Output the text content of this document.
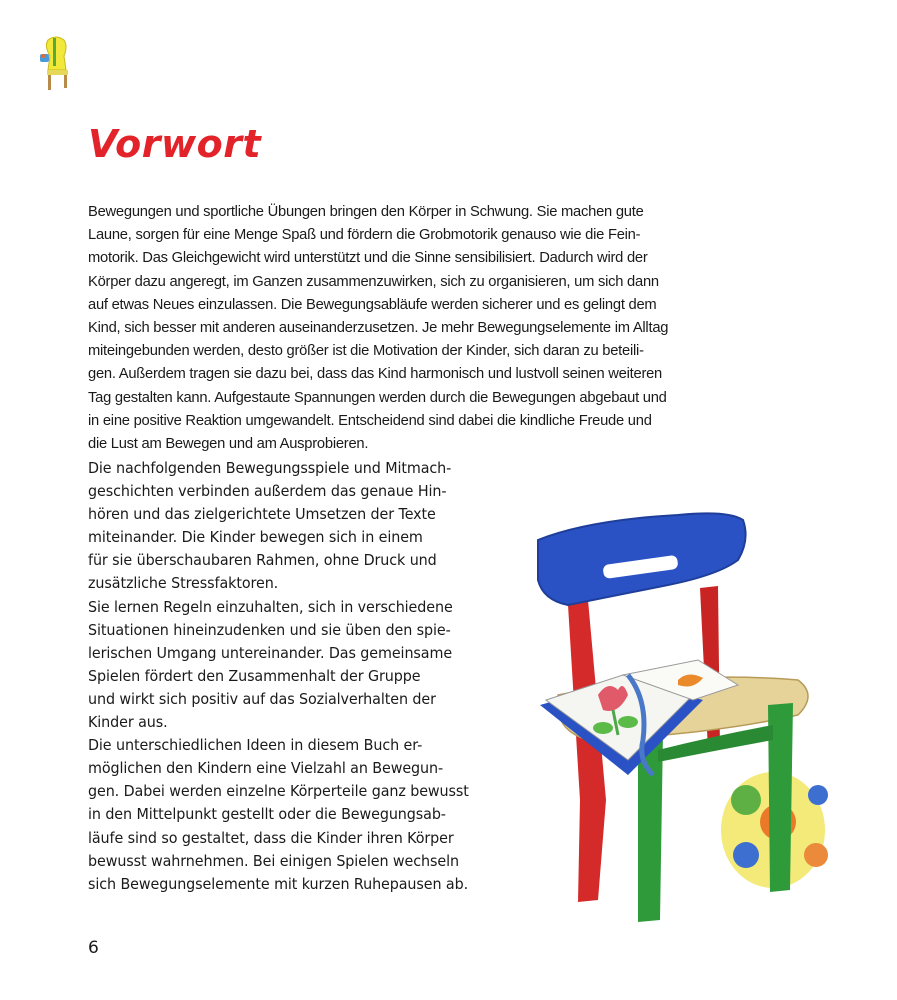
Vorwort
Bewegungen und sportliche Übungen bringen den Körper in Schwung. Sie machen gute
Laune, sorgen für eine Menge Spaß und fördern die Grobmotorik genauso wie die Fein-
motorik. Das Gleichgewicht wird unterstützt und die Sinne sensibilisiert. Dadurch wird der
Körper dazu angeregt, im Ganzen zusammenzuwirken, sich zu organisieren, um sich dann
auf etwas Neues einzulassen. Die Bewegungsabläufe werden sicherer und es gelingt dem
Kind, sich besser mit anderen auseinanderzusetzen. Je mehr Bewegungselemente im Alltag
miteingebunden werden, desto größer ist die Motivation der Kinder, sich daran zu beteili-
gen. Außerdem tragen sie dazu bei, dass das Kind harmonisch und lustvoll seinen weiteren
Tag gestalten kann. Aufgestaute Spannungen werden durch die Bewegungen abgebaut und
in eine positive Reaktion umgewandelt. Entscheidend sind dabei die kindliche Freude und
die Lust am Bewegen und am Ausprobieren.
Die nachfolgenden Bewegungsspiele und Mitmach-
geschichten verbinden außerdem das genaue Hin-
hören und das zielgerichtete Umsetzen der Texte
miteinander. Die Kinder bewegen sich in einem
für sie überschaubaren Rahmen, ohne Druck und
zusätzliche Stressfaktoren.
Sie lernen Regeln einzuhalten, sich in verschiedene
Situationen hineinzudenken und sie üben den spie-
lerischen Umgang untereinander. Das gemeinsame
Spielen fördert den Zusammenhalt der Gruppe
und wirkt sich positiv auf das Sozialverhalten der
Kinder aus.
Die unterschiedlichen Ideen in diesem Buch er-
möglichen den Kindern eine Vielzahl an Bewegun-
gen. Dabei werden einzelne Körperteile ganz bewusst
in den Mittelpunkt gestellt oder die Bewegungsab-
läufe sind so gestaltet, dass die Kinder ihren Körper
bewusst wahrnehmen. Bei einigen Spielen wechseln
sich Bewegungselemente mit kurzen Ruhepausen ab.
6
